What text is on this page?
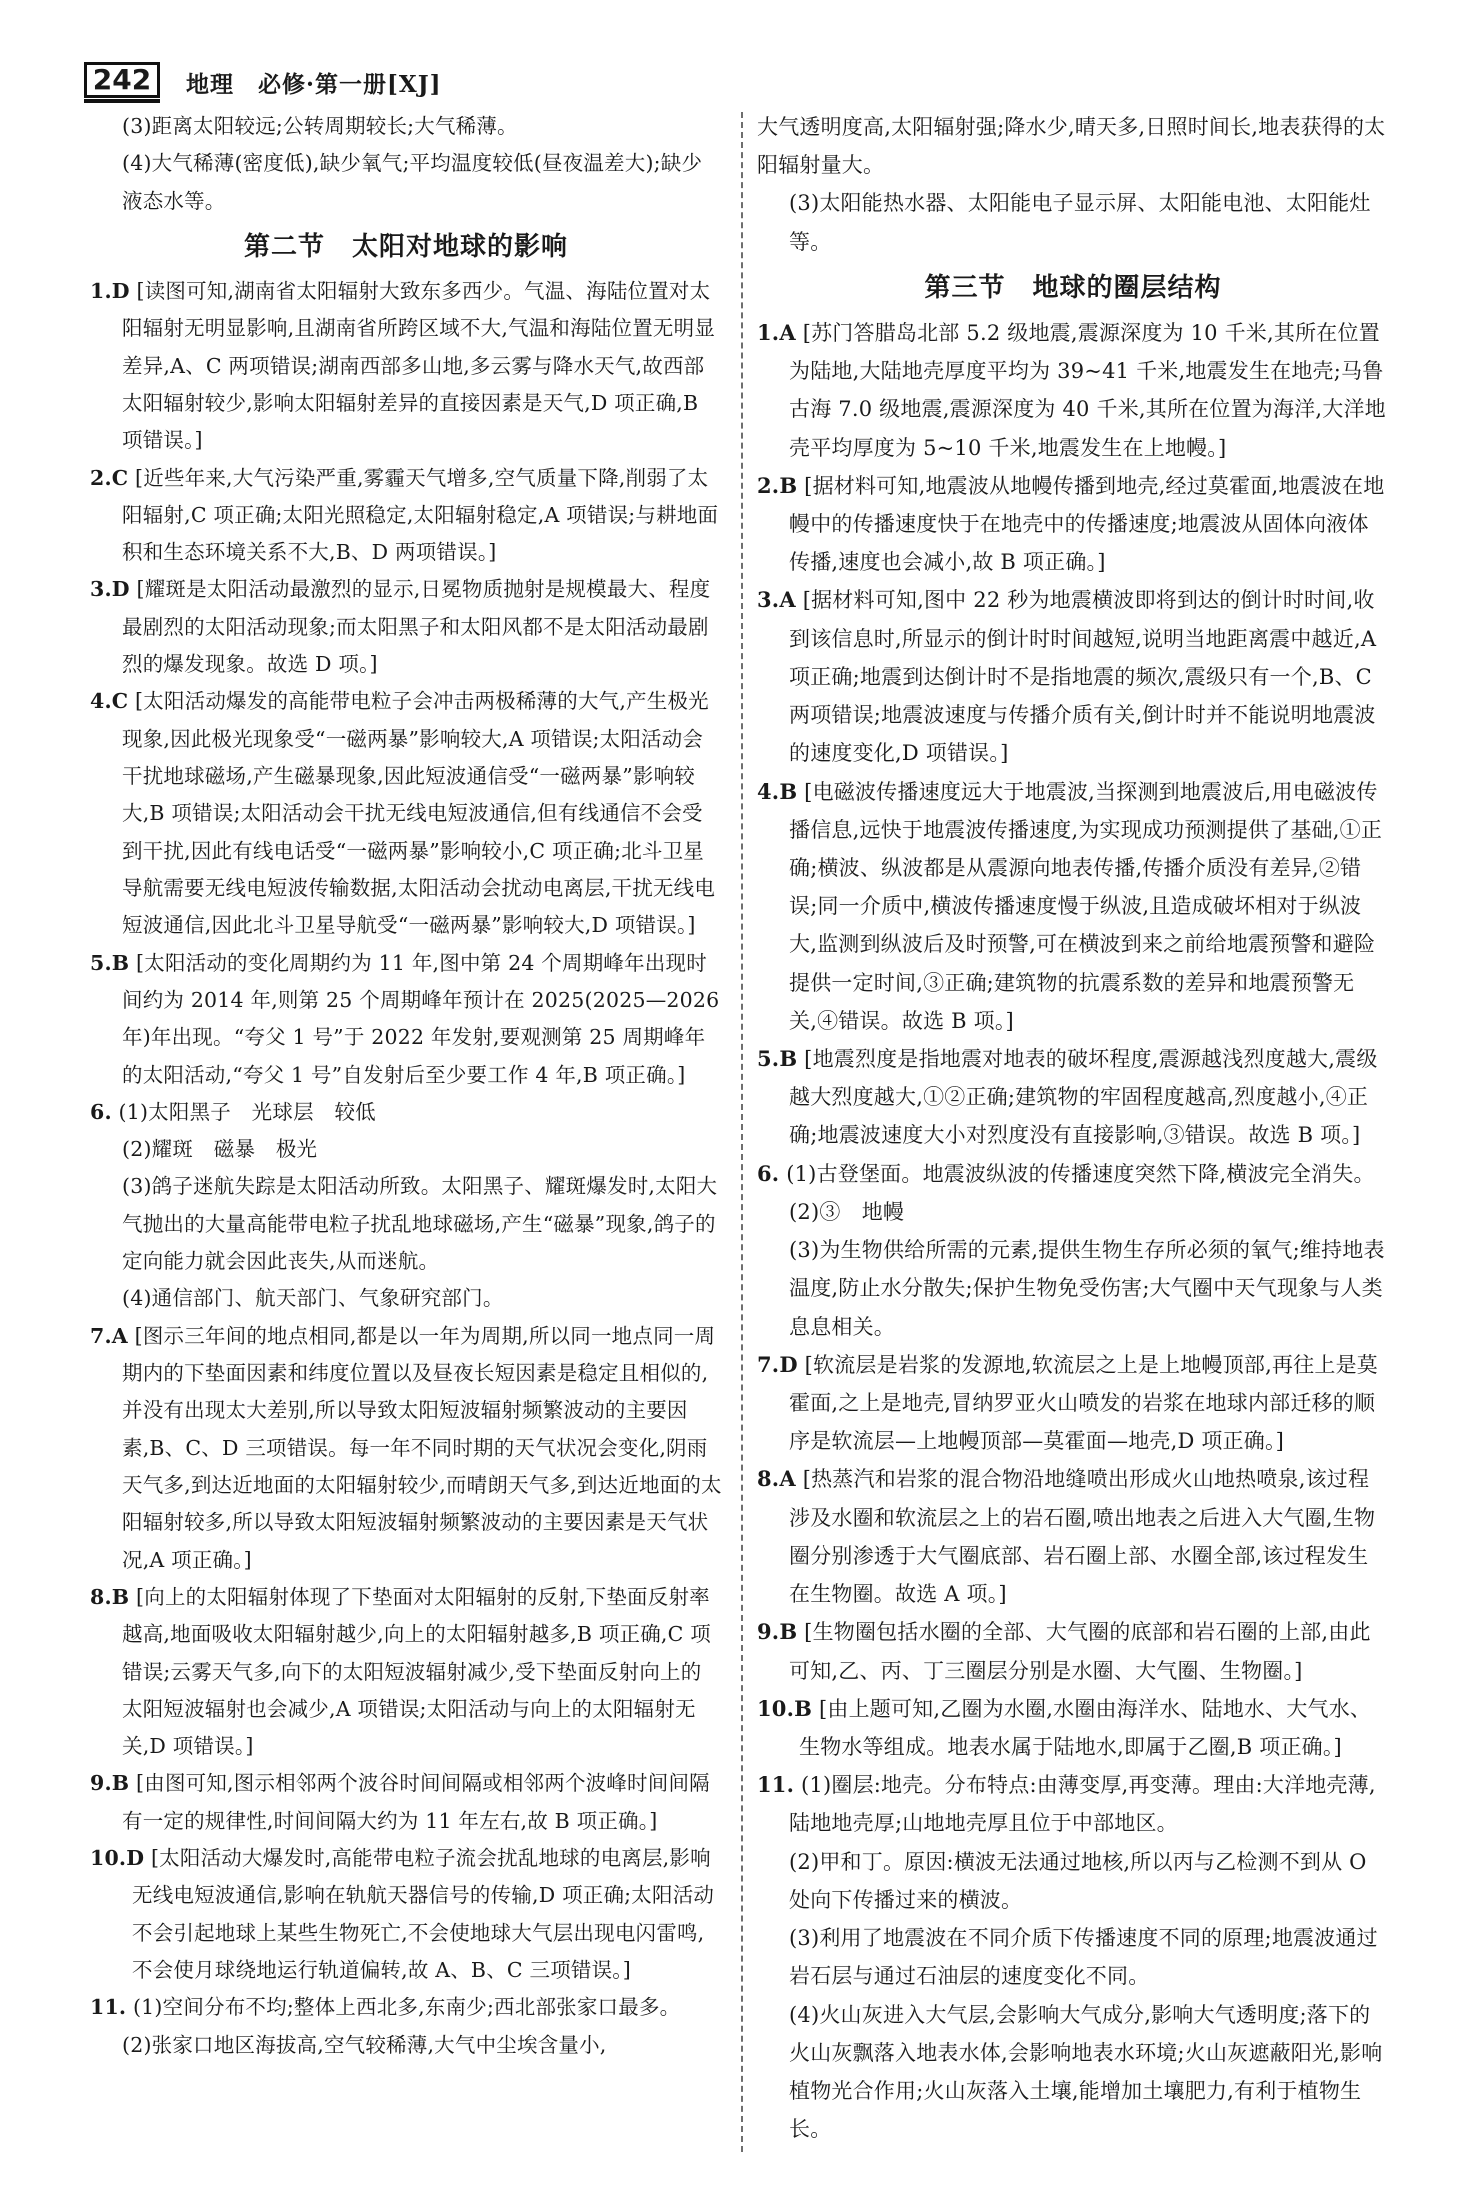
242	地理　必修·第一册[XJ]

(3)距离太阳较远;公转周期较长;大气稀薄。

(4)大气稀薄(密度低),缺少氧气;平均温度较低(昼夜温差大);缺少液态水等。

第二节　太阳对地球的影响

1.D [读图可知,湖南省太阳辐射大致东多西少。气温、海陆位置对太阳辐射无明显影响,且湖南省所跨区域不大,气温和海陆位置无明显差异,A、C 两项错误;湖南西部多山地,多云雾与降水天气,故西部太阳辐射较少,影响太阳辐射差异的直接因素是天气,D 项正确,B 项错误。]

2.C [近些年来,大气污染严重,雾霾天气增多,空气质量下降,削弱了太阳辐射,C 项正确;太阳光照稳定,太阳辐射稳定,A 项错误;与耕地面积和生态环境关系不大,B、D 两项错误。]

3.D [耀斑是太阳活动最激烈的显示,日冕物质抛射是规模最大、程度最剧烈的太阳活动现象;而太阳黑子和太阳风都不是太阳活动最剧烈的爆发现象。故选 D 项。]

4.C [太阳活动爆发的高能带电粒子会冲击两极稀薄的大气,产生极光现象,因此极光现象受“一磁两暴”影响较大,A 项错误;太阳活动会干扰地球磁场,产生磁暴现象,因此短波通信受“一磁两暴”影响较大,B 项错误;太阳活动会干扰无线电短波通信,但有线通信不会受到干扰,因此有线电话受“一磁两暴”影响较小,C 项正确;北斗卫星导航需要无线电短波传输数据,太阳活动会扰动电离层,干扰无线电短波通信,因此北斗卫星导航受“一磁两暴”影响较大,D 项错误。]

5.B [太阳活动的变化周期约为 11 年,图中第 24 个周期峰年出现时间约为 2014 年,则第 25 个周期峰年预计在 2025(2025—2026 年)年出现。“夸父 1 号”于 2022 年发射,要观测第 25 周期峰年的太阳活动,“夸父 1 号”自发射后至少要工作 4 年,B 项正确。]

6. (1)太阳黑子　光球层　较低

(2)耀斑　磁暴　极光

(3)鸽子迷航失踪是太阳活动所致。太阳黑子、耀斑爆发时,太阳大气抛出的大量高能带电粒子扰乱地球磁场,产生“磁暴”现象,鸽子的定向能力就会因此丧失,从而迷航。

(4)通信部门、航天部门、气象研究部门。

7.A [图示三年间的地点相同,都是以一年为周期,所以同一地点同一周期内的下垫面因素和纬度位置以及昼夜长短因素是稳定且相似的,并没有出现太大差别,所以导致太阳短波辐射频繁波动的主要因素,B、C、D 三项错误。每一年不同时期的天气状况会变化,阴雨天气多,到达近地面的太阳辐射较少,而晴朗天气多,到达近地面的太阳辐射较多,所以导致太阳短波辐射频繁波动的主要因素是天气状况,A 项正确。]

8.B [向上的太阳辐射体现了下垫面对太阳辐射的反射,下垫面反射率越高,地面吸收太阳辐射越少,向上的太阳辐射越多,B 项正确,C 项错误;云雾天气多,向下的太阳短波辐射减少,受下垫面反射向上的太阳短波辐射也会减少,A 项错误;太阳活动与向上的太阳辐射无关,D 项错误。]

9.B [由图可知,图示相邻两个波谷时间间隔或相邻两个波峰时间间隔有一定的规律性,时间间隔大约为 11 年左右,故 B 项正确。]

10.D [太阳活动大爆发时,高能带电粒子流会扰乱地球的电离层,影响无线电短波通信,影响在轨航天器信号的传输,D 项正确;太阳活动不会引起地球上某些生物死亡,不会使地球大气层出现电闪雷鸣,不会使月球绕地运行轨道偏转,故 A、B、C 三项错误。]

11. (1)空间分布不均;整体上西北多,东南少;西北部张家口最多。

(2)张家口地区海拔高,空气较稀薄,大气中尘埃含量小,

大气透明度高,太阳辐射强;降水少,晴天多,日照时间长,地表获得的太阳辐射量大。

(3)太阳能热水器、太阳能电子显示屏、太阳能电池、太阳能灶等。

第三节　地球的圈层结构

1.A [苏门答腊岛北部 5.2 级地震,震源深度为 10 千米,其所在位置为陆地,大陆地壳厚度平均为 39~41 千米,地震发生在地壳;马鲁古海 7.0 级地震,震源深度为 40 千米,其所在位置为海洋,大洋地壳平均厚度为 5~10 千米,地震发生在上地幔。]

2.B [据材料可知,地震波从地幔传播到地壳,经过莫霍面,地震波在地幔中的传播速度快于在地壳中的传播速度;地震波从固体向液体传播,速度也会减小,故 B 项正确。]

3.A [据材料可知,图中 22 秒为地震横波即将到达的倒计时时间,收到该信息时,所显示的倒计时时间越短,说明当地距离震中越近,A 项正确;地震到达倒计时不是指地震的频次,震级只有一个,B、C 两项错误;地震波速度与传播介质有关,倒计时并不能说明地震波的速度变化,D 项错误。]

4.B [电磁波传播速度远大于地震波,当探测到地震波后,用电磁波传播信息,远快于地震波传播速度,为实现成功预测提供了基础,①正确;横波、纵波都是从震源向地表传播,传播介质没有差异,②错误;同一介质中,横波传播速度慢于纵波,且造成破坏相对于纵波大,监测到纵波后及时预警,可在横波到来之前给地震预警和避险提供一定时间,③正确;建筑物的抗震系数的差异和地震预警无关,④错误。故选 B 项。]

5.B [地震烈度是指地震对地表的破坏程度,震源越浅烈度越大,震级越大烈度越大,①②正确;建筑物的牢固程度越高,烈度越小,④正确;地震波速度大小对烈度没有直接影响,③错误。故选 B 项。]

6. (1)古登堡面。地震波纵波的传播速度突然下降,横波完全消失。

(2)③　地幔

(3)为生物供给所需的元素,提供生物生存所必须的氧气;维持地表温度,防止水分散失;保护生物免受伤害;大气圈中天气现象与人类息息相关。

7.D [软流层是岩浆的发源地,软流层之上是上地幔顶部,再往上是莫霍面,之上是地壳,冒纳罗亚火山喷发的岩浆在地球内部迁移的顺序是软流层—上地幔顶部—莫霍面—地壳,D 项正确。]

8.A [热蒸汽和岩浆的混合物沿地缝喷出形成火山地热喷泉,该过程涉及水圈和软流层之上的岩石圈,喷出地表之后进入大气圈,生物圈分别渗透于大气圈底部、岩石圈上部、水圈全部,该过程发生在生物圈。故选 A 项。]

9.B [生物圈包括水圈的全部、大气圈的底部和岩石圈的上部,由此可知,乙、丙、丁三圈层分别是水圈、大气圈、生物圈。]

10.B [由上题可知,乙圈为水圈,水圈由海洋水、陆地水、大气水、生物水等组成。地表水属于陆地水,即属于乙圈,B 项正确。]

11. (1)圈层:地壳。分布特点:由薄变厚,再变薄。理由:大洋地壳薄,陆地地壳厚;山地地壳厚且位于中部地区。

(2)甲和丁。原因:横波无法通过地核,所以丙与乙检测不到从 O 处向下传播过来的横波。

(3)利用了地震波在不同介质下传播速度不同的原理;地震波通过岩石层与通过石油层的速度变化不同。

(4)火山灰进入大气层,会影响大气成分,影响大气透明度;落下的火山灰飘落入地表水体,会影响地表水环境;火山灰遮蔽阳光,影响植物光合作用;火山灰落入土壤,能增加土壤肥力,有利于植物生长。
